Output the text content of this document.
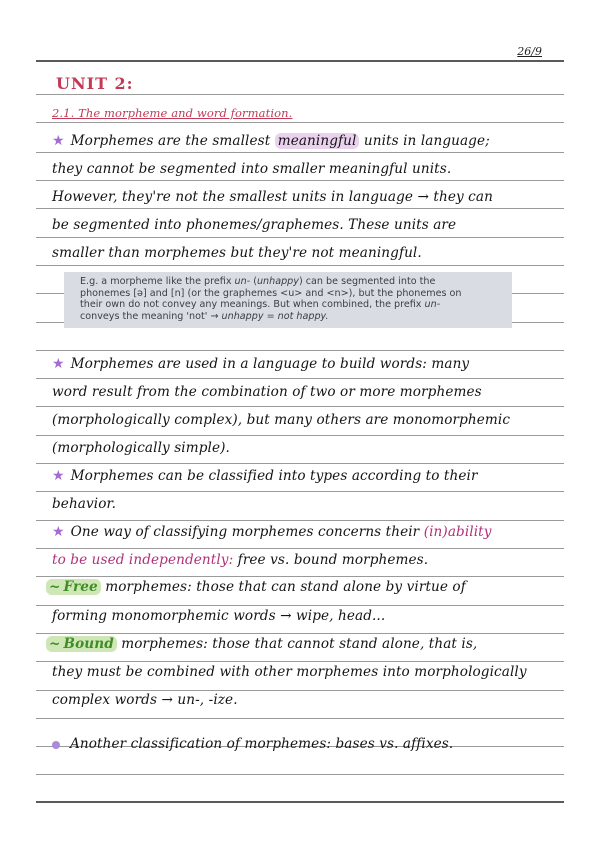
26/9
UNIT 2:
2.1. The morpheme and word formation.
★ Morphemes are the smallest meaningful units in language;
they cannot be segmented into smaller meaningful units.
However, they're not the smallest units in language → they can
be segmented into phonemes/graphemes. These units are
smaller than morphemes but they're not meaningful.
E.g. a morpheme like the prefix un- (unhappy) can be segmented into the
phonemes [ə] and [n] (or the graphemes <u> and <n>), but the phonemes on
their own do not convey any meanings. But when combined, the prefix un-
conveys the meaning 'not' → unhappy = not happy.
★ Morphemes are used in a language to build words: many
word result from the combination of two or more morphemes
(morphologically complex), but many others are monomorphemic
(morphologically simple).
★ Morphemes can be classified into types according to their
behavior.
★ One way of classifying morphemes concerns their (in)ability
to be used independently: free vs. bound morphemes.
~ Free morphemes: those that can stand alone by virtue of
forming monomorphemic words → wipe, head...
~ Bound morphemes: those that cannot stand alone, that is,
they must be combined with other morphemes into morphologically
complex words → un-, -ize.
Another classification of morphemes: bases vs. affixes.
